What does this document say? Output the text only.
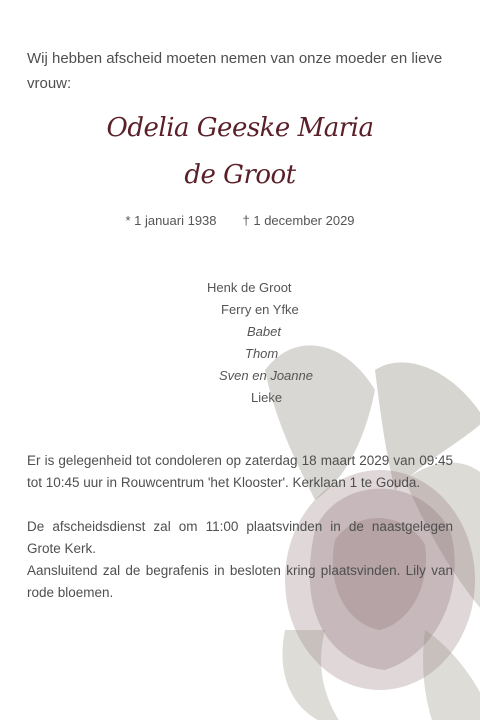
Wij hebben afscheid moeten nemen van onze moeder en lieve vrouw:
Odelia Geeske Maria
de Groot
* 1 januari 1938 † 1 december 2029
Henk de Groot
Ferry en Yfke
Babet
Thom
Sven en Joanne
Lieke
Er is gelegenheid tot condoleren op zaterdag 18 maart 2029 van 09:45 tot 10:45 uur in Rouwcentrum 'het Klooster'. Kerklaan 1 te Gouda.
De afscheidsdienst zal om 11:00 plaatsvinden in de naastgelegen Grote Kerk.
Aansluitend zal de begrafenis in besloten kring plaatsvinden. Lily van rode bloemen.
